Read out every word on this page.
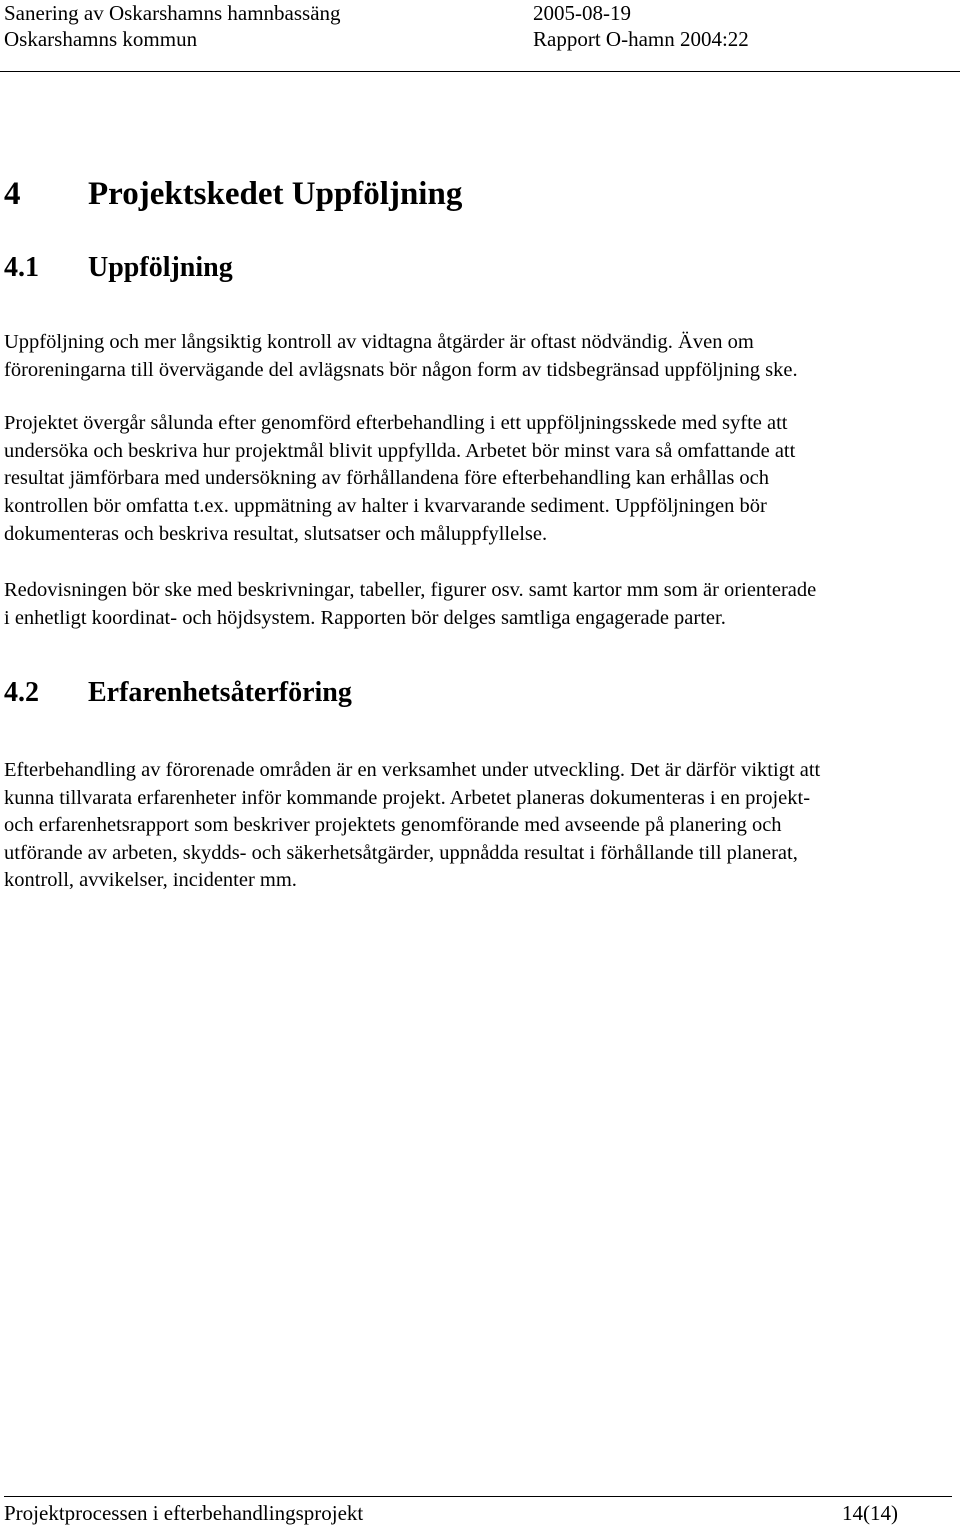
Sanering av Oskarshamns hamnbassäng	2005-08-19
Oskarshamns kommun	Rapport O-hamn 2004:22
4 Projektskedet Uppföljning
4.1 Uppföljning
Uppföljning och mer långsiktig kontroll av vidtagna åtgärder är oftast nödvändig. Även om
föroreningarna till övervägande del avlägsnats bör någon form av tidsbegränsad uppföljning ske.
Projektet övergår sålunda efter genomförd efterbehandling i ett uppföljningsskede med syfte att
undersöka och beskriva hur projektmål blivit uppfyllda. Arbetet bör minst vara så omfattande att
resultat jämförbara med undersökning av förhållandena före efterbehandling kan erhållas och
kontrollen bör omfatta t.ex. uppmätning av halter i kvarvarande sediment. Uppföljningen bör
dokumenteras och beskriva resultat, slutsatser och måluppfyllelse.
Redovisningen bör ske med beskrivningar, tabeller, figurer osv. samt kartor mm som är orienterade
i enhetligt koordinat- och höjdsystem. Rapporten bör delges samtliga engagerade parter.
4.2 Erfarenhetsåterföring
Efterbehandling av förorenade områden är en verksamhet under utveckling. Det är därför viktigt att
kunna tillvarata erfarenheter inför kommande projekt. Arbetet planeras dokumenteras i en projekt-
och erfarenhetsrapport som beskriver projektets genomförande med avseende på planering och
utförande av arbeten, skydds- och säkerhetsåtgärder, uppnådda resultat i förhållande till planerat,
kontroll, avvikelser, incidenter mm.
Projektprocessen i efterbehandlingsprojekt	14(14)
